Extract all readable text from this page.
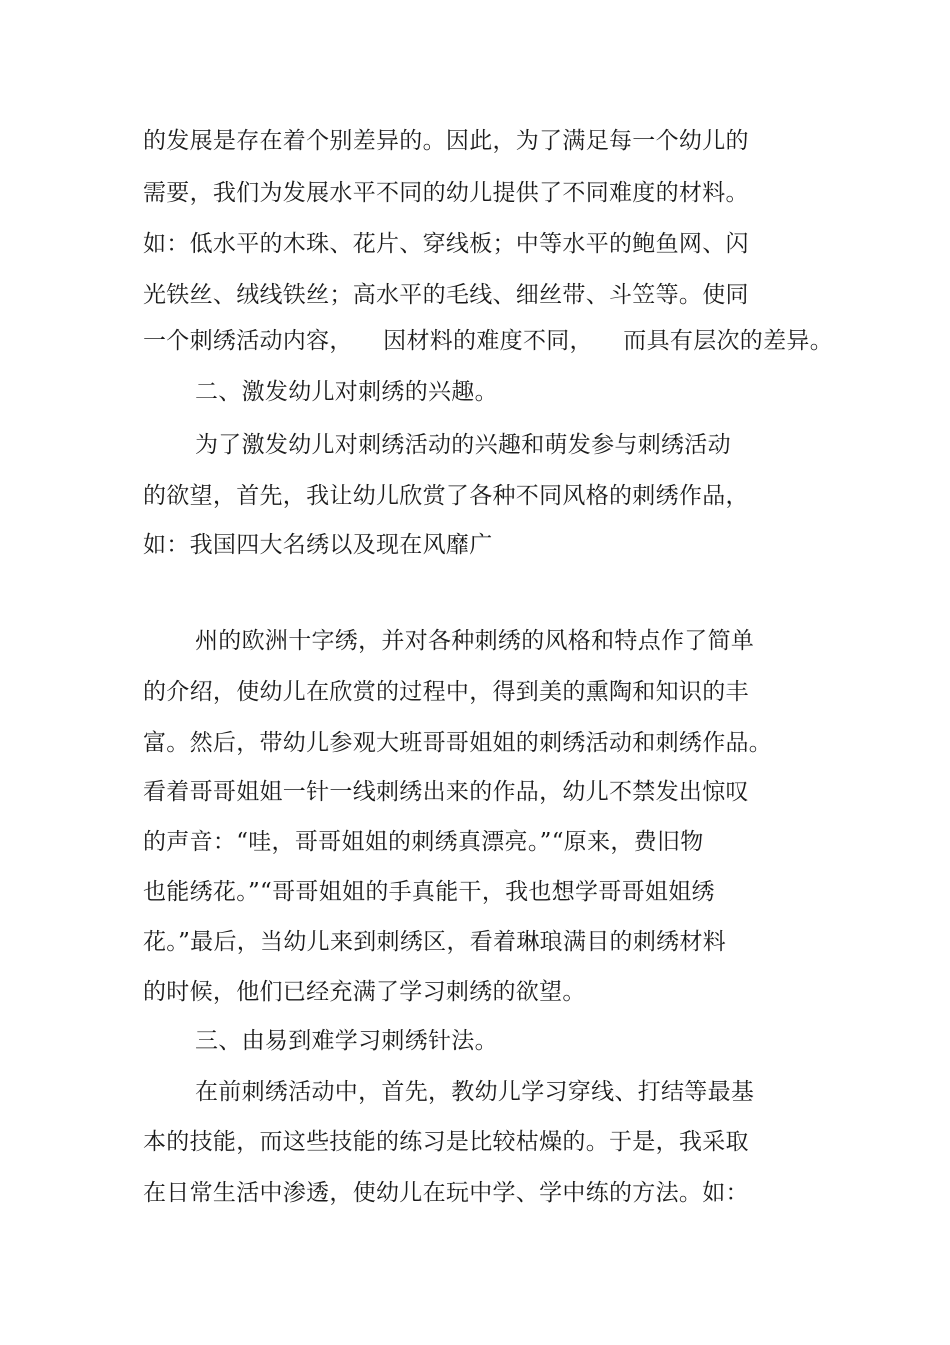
的发展是存在着个别差异的。因此，为了满足每一个幼儿的
需要，我们为发展水平不同的幼儿提供了不同难度的材料。
如：低水平的木珠、花片、穿线板；中等水平的鲍鱼网、闪
光铁丝、绒线铁丝；高水平的毛线、细丝带、斗笠等。使同
一个刺绣活动内容，    因材料的难度不同，    而具有层次的差异。
二、激发幼儿对刺绣的兴趣。
为了激发幼儿对刺绣活动的兴趣和萌发参与刺绣活动
的欲望，首先，我让幼儿欣赏了各种不同风格的刺绣作品，
如：我国四大名绣以及现在风靡广
州的欧洲十字绣，并对各种刺绣的风格和特点作了简单
的介绍，使幼儿在欣赏的过程中，得到美的熏陶和知识的丰
富。然后，带幼儿参观大班哥哥姐姐的刺绣活动和刺绣作品。
看着哥哥姐姐一针一线刺绣出来的作品，幼儿不禁发出惊叹
的声音：“哇，哥哥姐姐的刺绣真漂亮。”“原来，费旧物
也能绣花。”“哥哥姐姐的手真能干，我也想学哥哥姐姐绣
花。”最后，当幼儿来到刺绣区，看着琳琅满目的刺绣材料
的时候，他们已经充满了学习刺绣的欲望。
三、由易到难学习刺绣针法。
在前刺绣活动中，首先，教幼儿学习穿线、打结等最基
本的技能，而这些技能的练习是比较枯燥的。于是，我采取
在日常生活中渗透，使幼儿在玩中学、学中练的方法。如：
